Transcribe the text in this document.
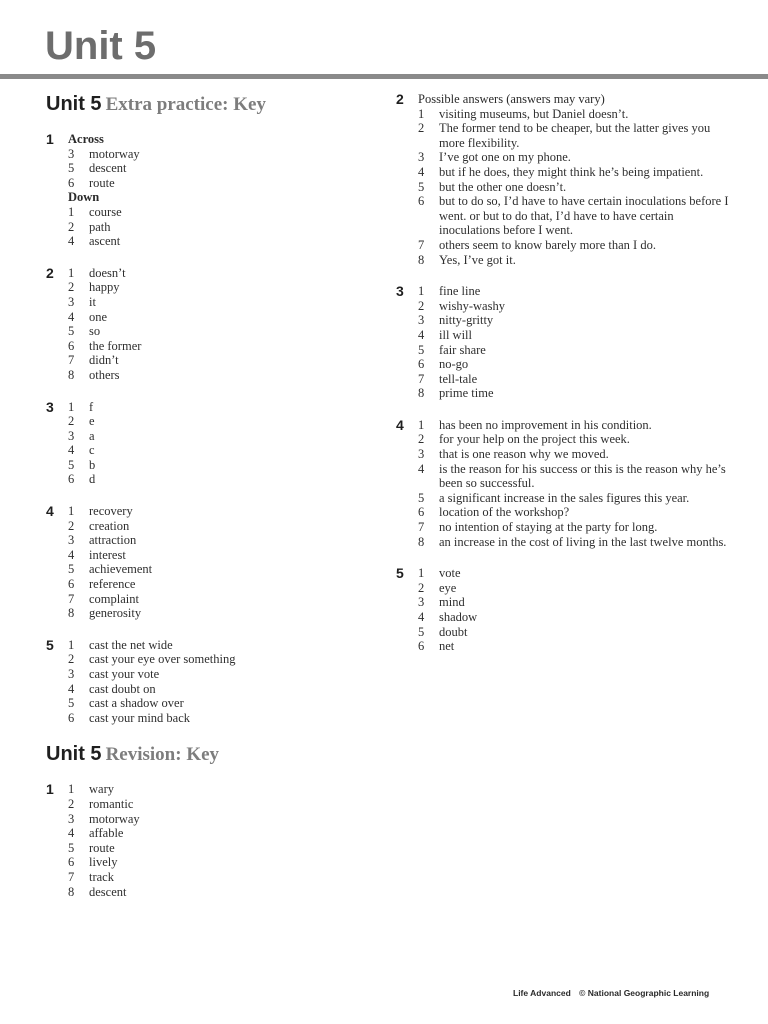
Unit 5
Unit 5 Extra practice: Key
1 Across
3 motorway
5 descent
6 route
Down
1 course
2 path
4 ascent
2 1 doesn’t
2 happy
3 it
4 one
5 so
6 the former
7 didn’t
8 others
3 1 f
2 e
3 a
4 c
5 b
6 d
4 1 recovery
2 creation
3 attraction
4 interest
5 achievement
6 reference
7 complaint
8 generosity
5 1 cast the net wide
2 cast your eye over something
3 cast your vote
4 cast doubt on
5 cast a shadow over
6 cast your mind back
Unit 5 Revision: Key
1 1 wary
2 romantic
3 motorway
4 affable
5 route
6 lively
7 track
8 descent
2 Possible answers (answers may vary)
1 visiting museums, but Daniel doesn’t.
2 The former tend to be cheaper, but the latter gives you more flexibility.
3 I’ve got one on my phone.
4 but if he does, they might think he’s being impatient.
5 but the other one doesn’t.
6 but to do so, I’d have to have certain inoculations before I went. or but to do that, I’d have to have certain inoculations before I went.
7 others seem to know barely more than I do.
8 Yes, I’ve got it.
3 1 fine line
2 wishy-washy
3 nitty-gritty
4 ill will
5 fair share
6 no-go
7 tell-tale
8 prime time
4 1 has been no improvement in his condition.
2 for your help on the project this week.
3 that is one reason why we moved.
4 is the reason for his success or this is the reason why he’s been so successful.
5 a significant increase in the sales figures this year.
6 location of the workshop?
7 no intention of staying at the party for long.
8 an increase in the cost of living in the last twelve months.
5 1 vote
2 eye
3 mind
4 shadow
5 doubt
6 net
Life Advanced © National Geographic Learning
